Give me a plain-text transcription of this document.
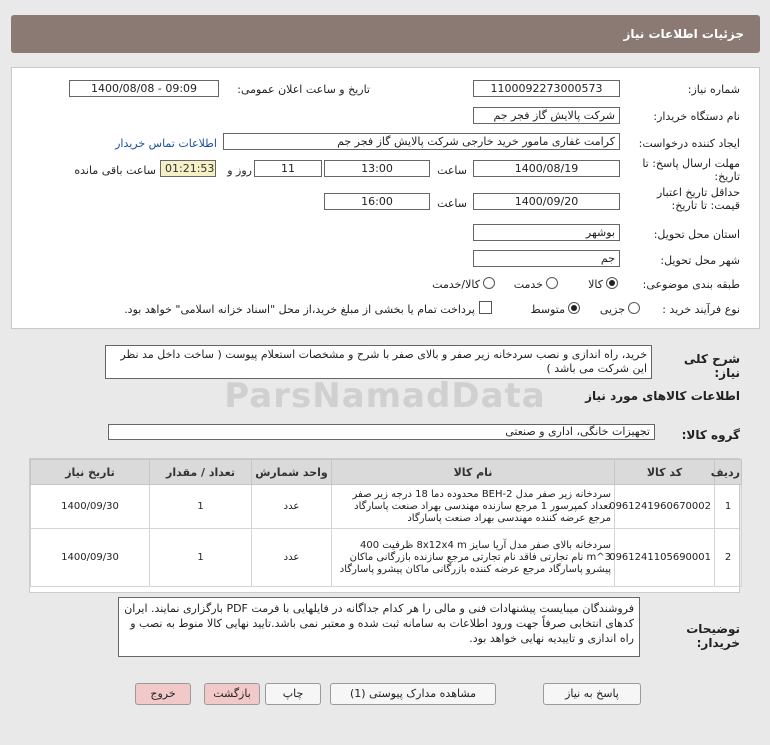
جزئیات اطلاعات نیاز
شماره نیاز:
1100092273000573
تاریخ و ساعت اعلان عمومی:
1400/08/08 - 09:09
نام دستگاه خریدار:
شرکت پالایش گاز فجر جم
ایجاد کننده درخواست:
کرامت غفاری مامور خرید خارجی شرکت پالایش گاز فجر جم
اطلاعات تماس خریدار
مهلت ارسال پاسخ: تا تاریخ:
1400/08/19
ساعت
13:00
11
روز و
01:21:53
ساعت باقی مانده
حداقل تاریخ اعتبار قیمت: تا تاریخ:
1400/09/20
ساعت
16:00
استان محل تحویل:
بوشهر
شهر محل تحویل:
جم
طبقه بندی موضوعی:
کالا
خدمت
کالا/خدمت
نوع فرآیند خرید :
جزیی
متوسط
پرداخت تمام یا بخشی از مبلغ خرید،از محل "اسناد خزانه اسلامی" خواهد بود.
شرح کلی نیاز:
خرید، راه اندازی و نصب سردخانه زیر صفر و بالای صفر با شرح و مشخصات استعلام پیوست ( ساخت داخل مد نظر این شرکت می باشد )
ParsNamadData	اطلاعات کالاهای مورد نیاز
گروه کالا:
تجهیزات خانگی، اداری و صنعتی
ردیف	کد کالا	نام کالا	واحد شمارش	تعداد / مقدار	تاریخ نیاز
1	0961241960670002	سردخانه زیر صفر مدل BEH-2 محدوده دما 18 درجه زیر صفر تعداد کمپرسور 1 مرجع سازنده مهندسی بهراد صنعت پاسارگاد مرجع عرضه کننده مهندسی بهراد صنعت پاسارگاد	عدد	1	1400/09/30
2	0961241105690001	سردخانه بالای صفر مدل آریا سایز 8x12x4 m ظرفیت 400 m^3 نام تجارتی فاقد نام تجارتی مرجع سازنده بازرگانی ماکان پیشرو پاسارگاد مرجع عرضه کننده بازرگانی ماکان پیشرو پاسارگاد	عدد	1	1400/09/30
توضیحات خریدار:
فروشندگان میبایست پیشنهادات فنی و مالی را هر کدام جداگانه در فایلهایی با فرمت PDF بارگزاری نمایند. ایران کدهای انتخابی صرفاً جهت ورود اطلاعات به سامانه ثبت شده و معتبر نمی باشد.تایید نهایی کالا منوط به نصب و راه اندازی و تاییدیه نهایی خواهد بود.
پاسخ به نیاز
مشاهده مدارک پیوستی (1)
چاپ
بازگشت
خروج
